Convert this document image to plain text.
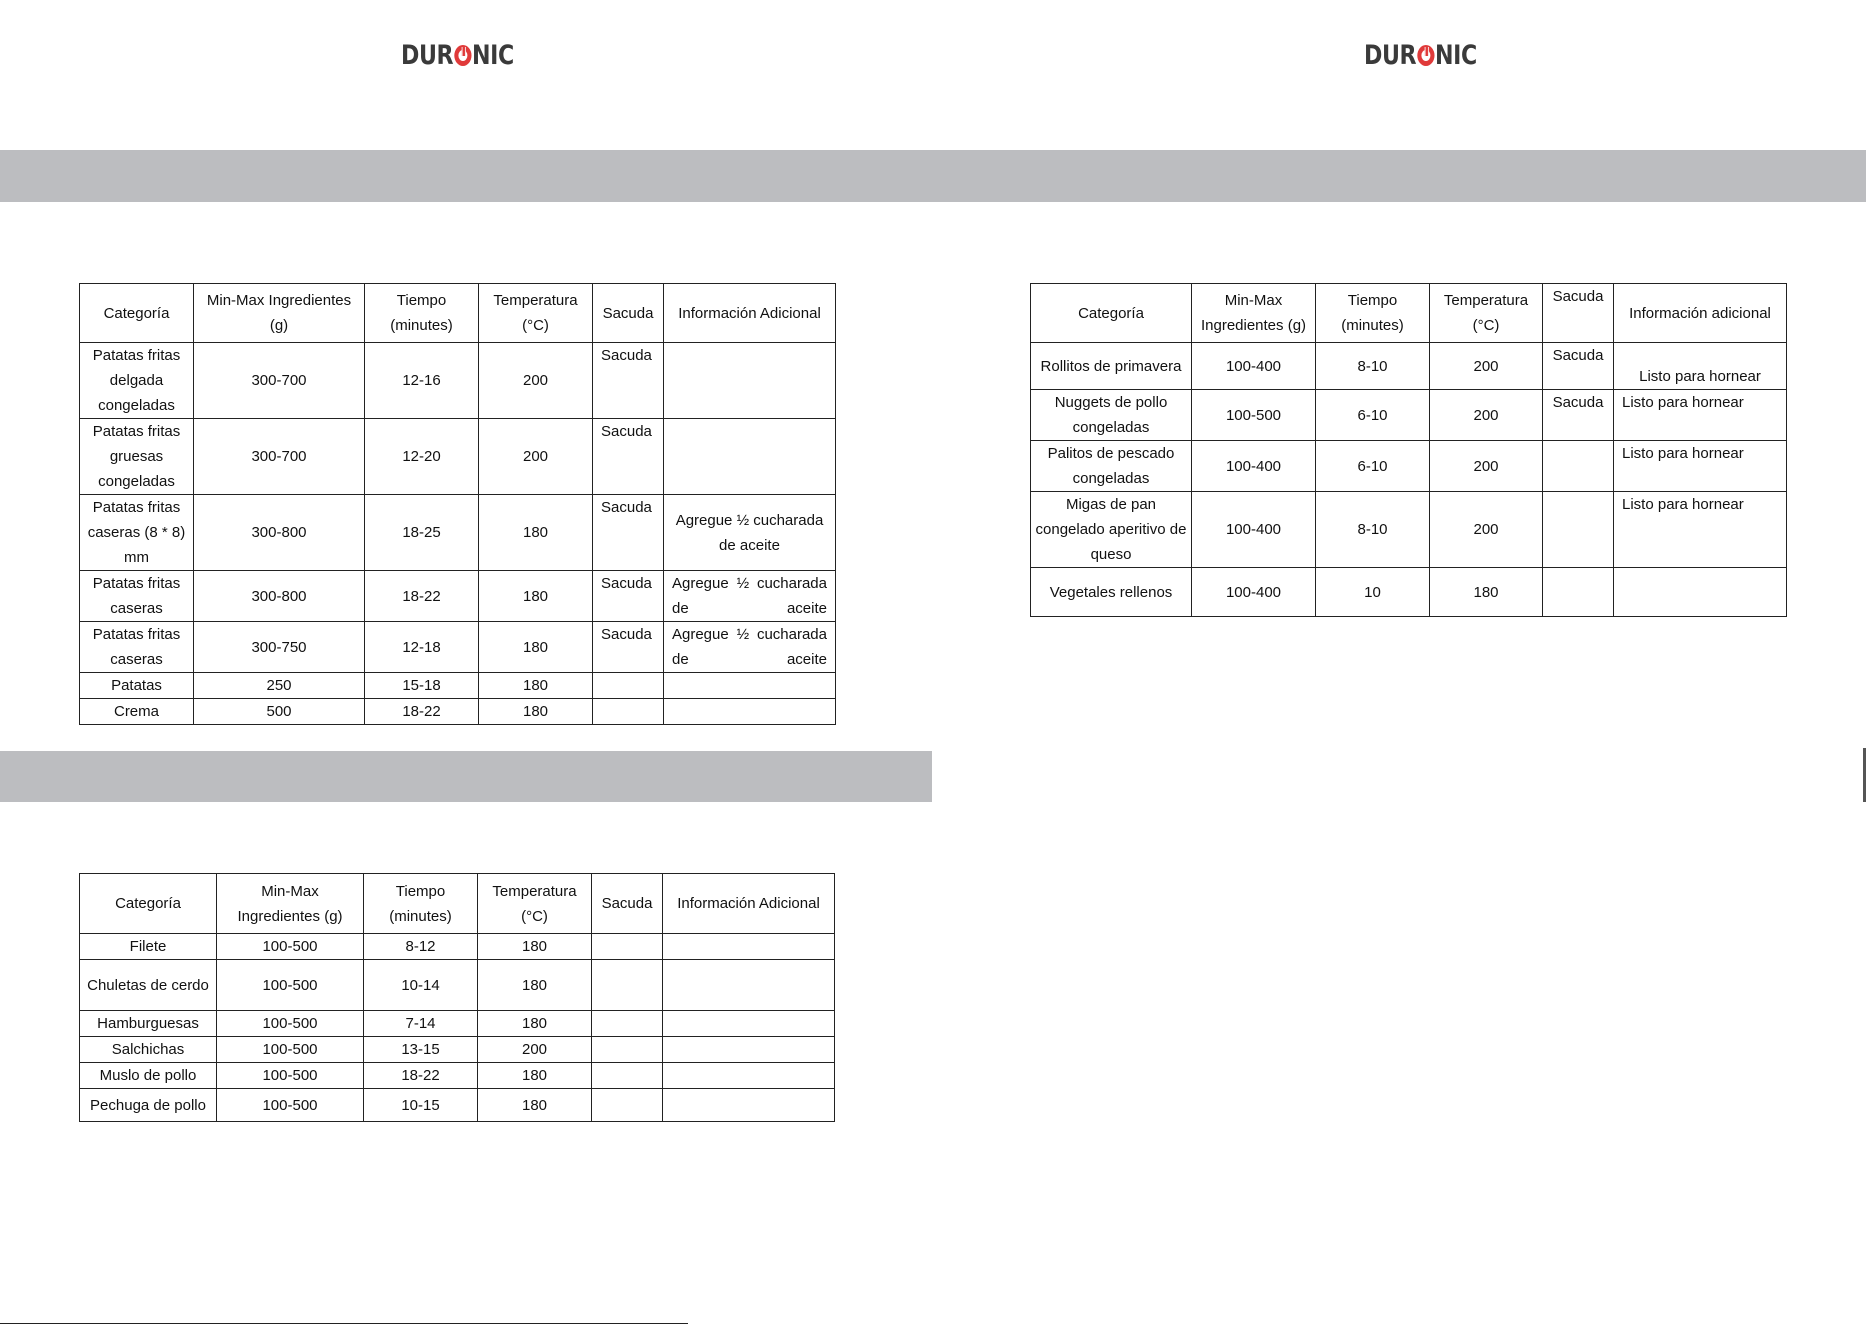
DUR NIC	DUR NIC
Categoría	Min-Max Ingredientes (g)	Tiempo (minutes)	Temperatura (°C)	Sacuda	Información Adicional
Patatas fritas delgada congeladas	300-700	12-16	200	Sacuda	
Patatas fritas gruesas congeladas	300-700	12-20	200	Sacuda	
Patatas fritas caseras (8 * 8) mm	300-800	18-25	180	Sacuda	Agregue ½ cucharada de aceite
Patatas fritas caseras	300-800	18-22	180	Sacuda	Agregue ½ cucharada de aceite
Patatas fritas caseras	300-750	12-18	180	Sacuda	Agregue ½ cucharada de aceite
Patatas	250	15-18	180		
Crema	500	18-22	180		
Categoría	Min-Max Ingredientes (g)	Tiempo (minutes)	Temperatura (°C)	Sacuda	Información Adicional
Filete	100-500	8-12	180		
Chuletas de cerdo	100-500	10-14	180		
Hamburguesas	100-500	7-14	180		
Salchichas	100-500	13-15	200		
Muslo de pollo	100-500	18-22	180		
Pechuga de pollo	100-500	10-15	180		
Categoría	Min-Max Ingredientes (g)	Tiempo (minutes)	Temperatura (°C)	Sacuda	Información adicional
Rollitos de primavera	100-400	8-10	200	Sacuda	Listo para hornear
Nuggets de pollo congeladas	100-500	6-10	200	Sacuda	Listo para hornear
Palitos de pescado congeladas	100-400	6-10	200		Listo para hornear
Migas de pan congelado aperitivo de queso	100-400	8-10	200		Listo para hornear
Vegetales rellenos	100-400	10	180		
